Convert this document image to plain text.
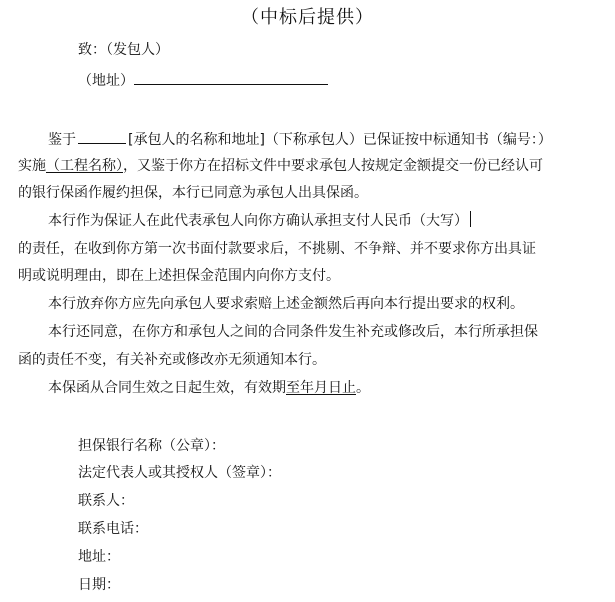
（中标后提供）
致：（发包人）
（地址）
鉴于	[承包人的名称和地址]（下称承包人）已保证按中标通知书（编号：）
实施（工程名称），又鉴于你方在招标文件中要求承包人按规定金额提交一份已经认可
的银行保函作履约担保，本行已同意为承包人出具保函。
本行作为保证人在此代表承包人向你方确认承担支付人民币（大写）
的责任，在收到你方第一次书面付款要求后，不挑剔、不争辩、并不要求你方出具证
明或说明理由，即在上述担保金范围内向你方支付。
本行放弃你方应先向承包人要求索赔上述金额然后再向本行提出要求的权利。
本行还同意，在你方和承包人之间的合同条件发生补充或修改后，本行所承担保
函的责任不变，有关补充或修改亦无须通知本行。
本保函从合同生效之日起生效，有效期至年月日止。
担保银行名称（公章）：
法定代表人或其授权人（签章）：
联系人：
联系电话：
地址：
日期：
